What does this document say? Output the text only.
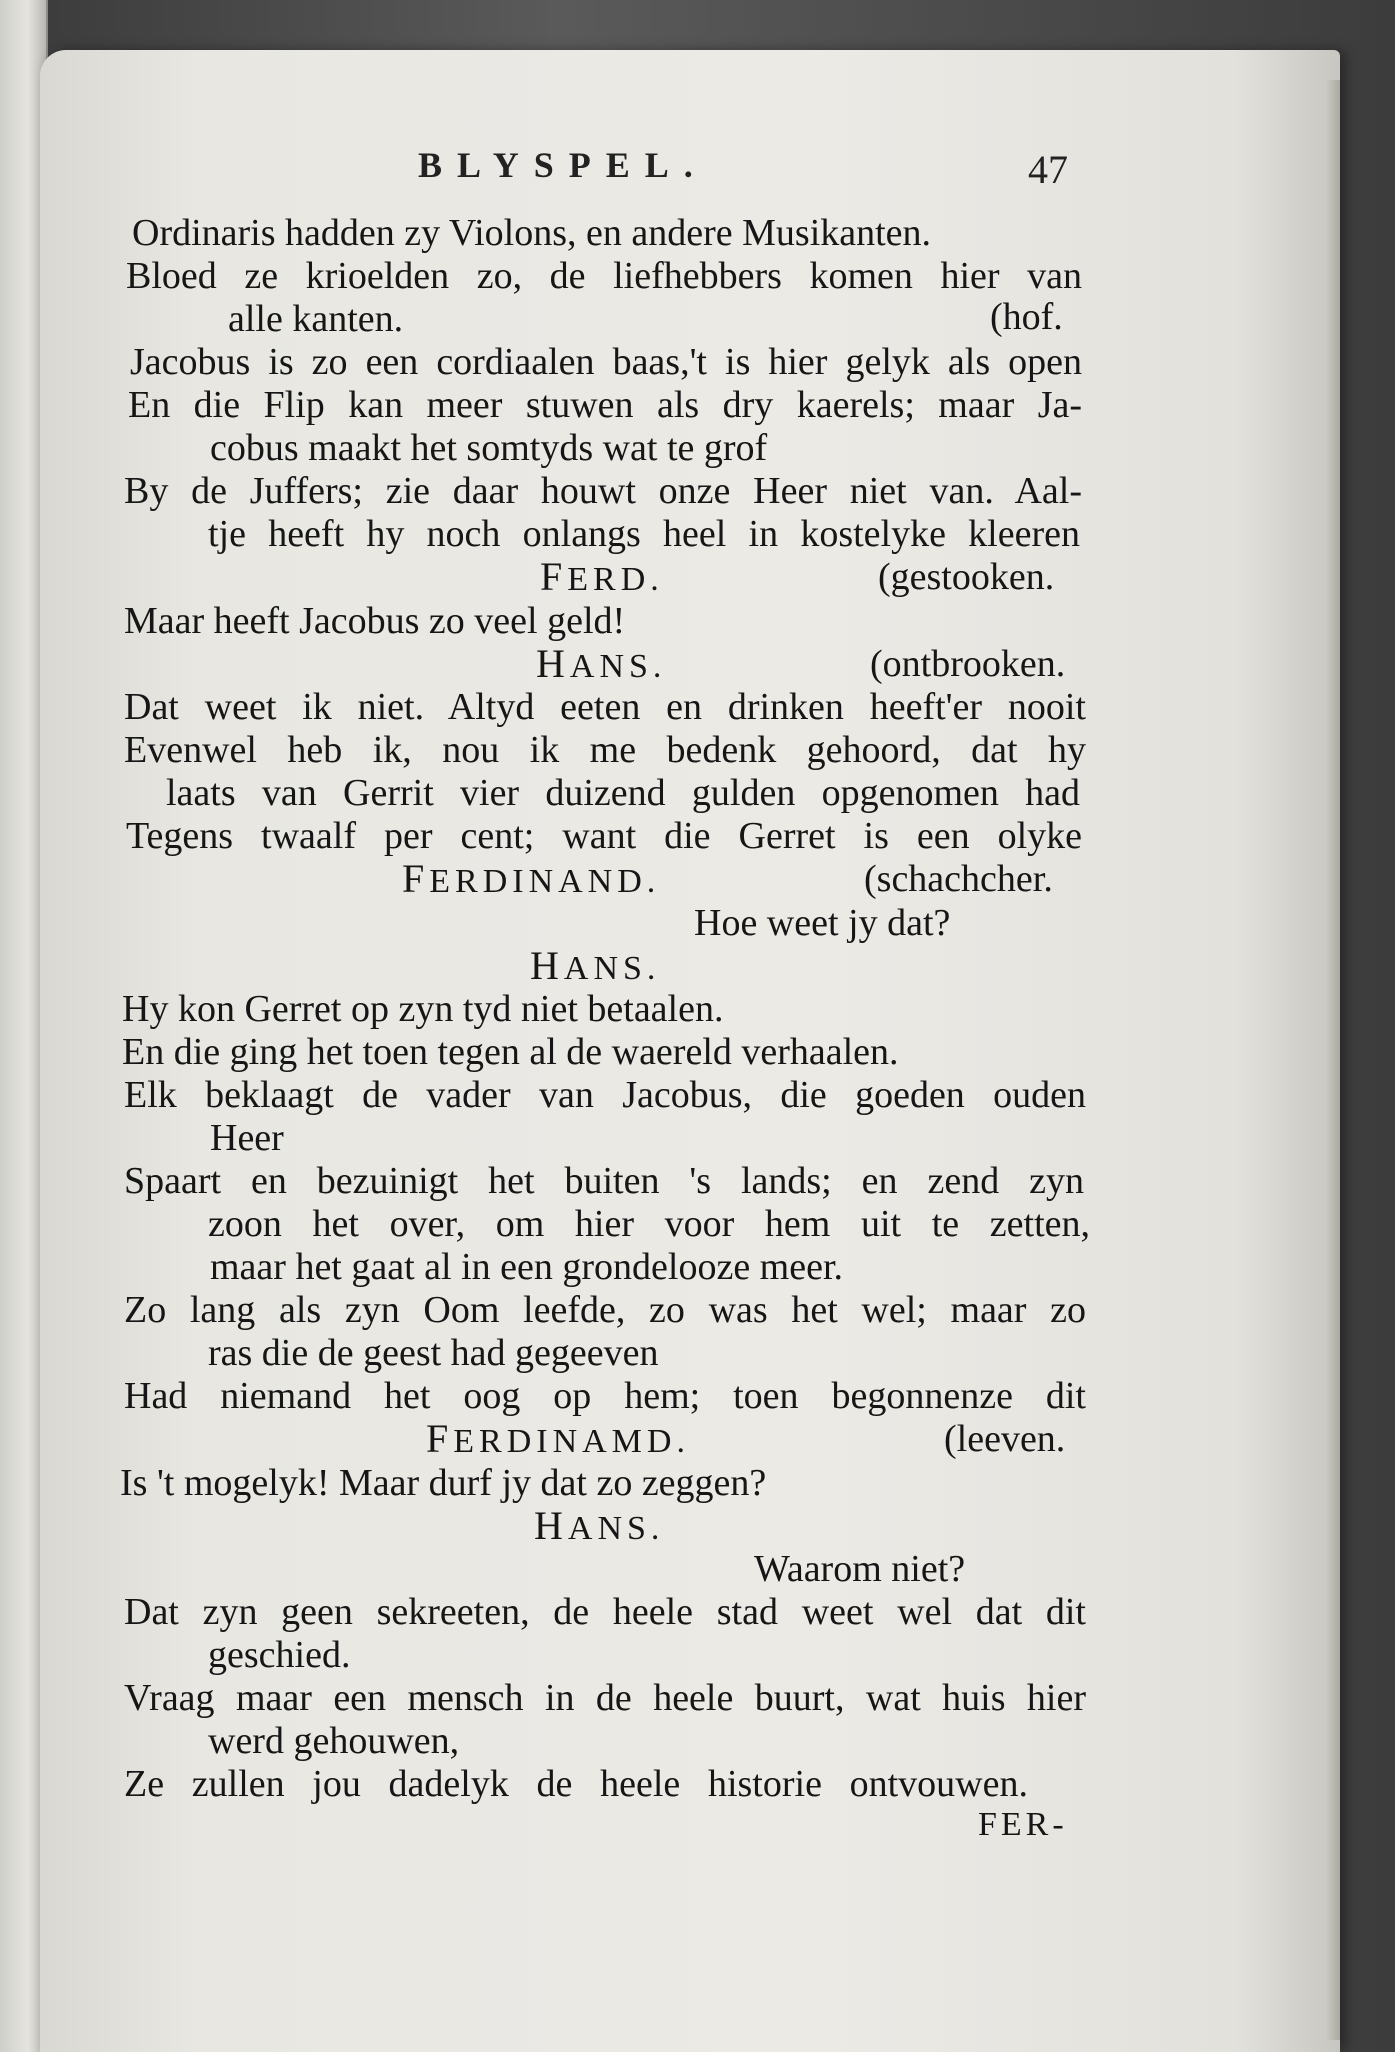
BLYSPEL.	47
Ordinaris hadden zy Violons, en andere Musikanten.
Bloed ze krioelden zo, de liefhebbers komen hier van
alle kanten.	(hof.
Jacobus is zo een cordiaalen baas,'t is hier gelyk als open
En die Flip kan meer stuwen als dry kaerels; maar Ja-
cobus maakt het somtyds wat te grof
By de Juffers; zie daar houwt onze Heer niet van. Aal-
tje heeft hy noch onlangs heel in kostelyke kleeren
FERD.	(gestooken.
Maar heeft Jacobus zo veel geld!
HANS.	(ontbrooken.
Dat weet ik niet. Altyd eeten en drinken heeft'er nooit
Evenwel heb ik, nou ik me bedenk gehoord, dat hy
laats van Gerrit vier duizend gulden opgenomen had
Tegens twaalf per cent; want die Gerret is een olyke
FERDINAND.	(schachcher.
Hoe weet jy dat?
HANS.
Hy kon Gerret op zyn tyd niet betaalen.
En die ging het toen tegen al de waereld verhaalen.
Elk beklaagt de vader van Jacobus, die goeden ouden
Heer
Spaart en bezuinigt het buiten 's lands; en zend zyn
zoon het over, om hier voor hem uit te zetten,
maar het gaat al in een grondelooze meer.
Zo lang als zyn Oom leefde, zo was het wel; maar zo
ras die de geest had gegeeven
Had niemand het oog op hem; toen begonnenze dit
FERDINAMD.	(leeven.
Is 't mogelyk! Maar durf jy dat zo zeggen?
HANS.
Waarom niet?
Dat zyn geen sekreeten, de heele stad weet wel dat dit
geschied.
Vraag maar een mensch in de heele buurt, wat huis hier
werd gehouwen,
Ze zullen jou dadelyk de heele historie ontvouwen.
FER-
